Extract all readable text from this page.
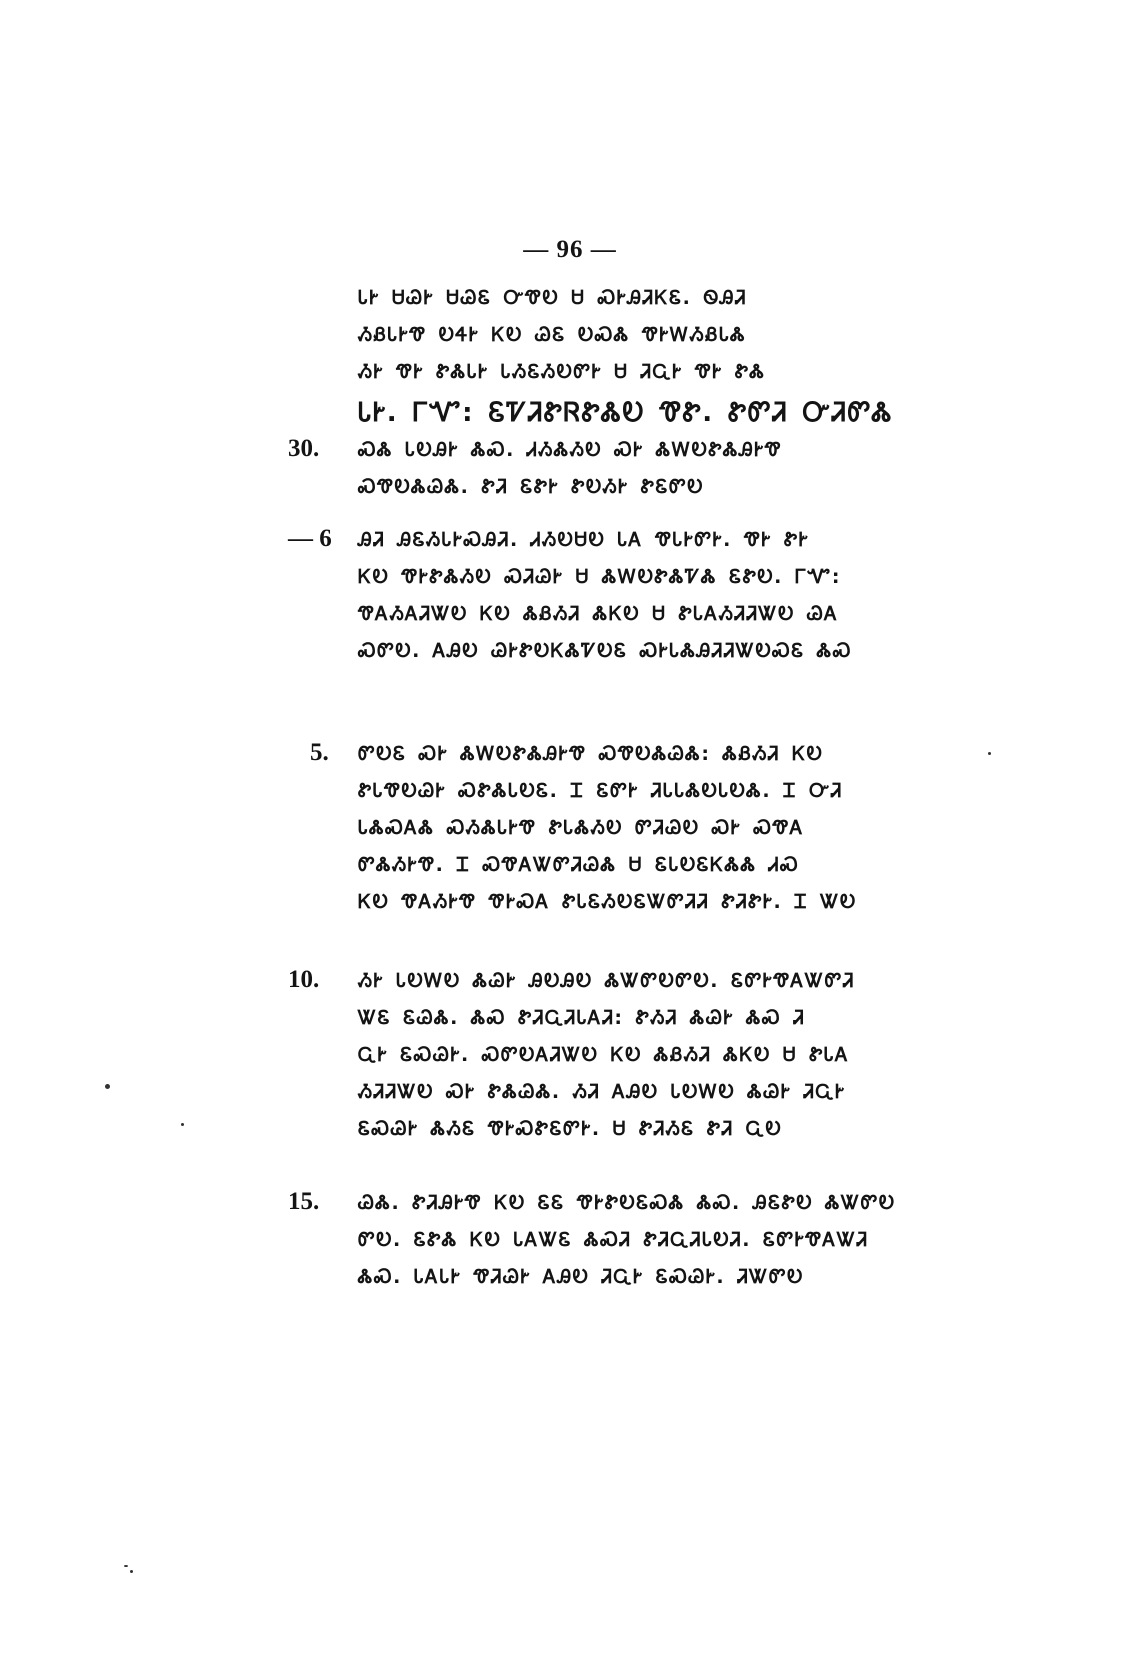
— 96 —
ᏓᎨ ᏌᏊᎨ ᏌᏊᏋ ᏅᏡᎧ Ꮜ ᏍᎨᎯᏘᏦᏋ. ᏫᎯᏘ
ᏱᏰᏓᎨᏡ ᎧᏎᎨ ᏦᎧ ᏊᏋ ᎧᏍᏜ ᏡᎨᎳᏱᏰᏓᏜ
ᏱᎨ ᏡᎨ ᏑᏜᏓᎨ ᏓᏱᏋᏱᎧᏛᎨ Ꮜ ᏘᏩᎨ ᏡᎨ ᏑᏜ
ᏓᎨ. ᎱᏉ: ᏋᏤᏘᏑᏒᏑᏜᎧ ᏡᏑ. ᏑᏛᏘ ᏅᏘᏛᏜ
30.	ᏍᏜ ᏓᎧᎯᎨ ᏜᏍ. ᏗᏱᏜᏱᎧ ᏍᎨ ᏜᎳᎧᏑᏜᎯᎨᏡ
ᏍᏡᎧᏜᏊᏜ. ᏑᏘ ᏋᏑᎨ ᏑᎧᏱᎨ ᏑᏋᏛᎧ
— 6	ᎯᏘ ᎯᏋᏱᏓᎨᏍᎯᏘ. ᏗᏱᎧᏌᎧ ᏓᎪ ᏡᏓᎨᏛᎨ. ᏡᎨ ᏑᎨ
ᏦᎧ ᏡᎨᏑᏜᏱᎧ ᏍᏘᏊᎨ Ꮜ ᏜᎳᎧᏑᏜᏤᏜ ᏋᏑᎧ. ᎱᏉ:
ᏡᎪᏱᎪᏘᏔᎧ ᏦᎧ ᏜᏰᏱᏘ ᏜᏦᎧ Ꮜ ᏑᏓᎪᏱᏘᏘᏔᎧ ᏊᎪ
ᏍᏛᎧ. ᎪᎯᎧ ᏊᎨᏑᎧᏦᏜᏤᎧᏋ ᏍᎨᏓᏜᎯᏘᏘᏔᎧᏍᏋ ᏜᏍ
5.	ᏛᎧᏋ ᏍᎨ ᏜᎳᎧᏑᏜᎯᎨᏡ ᏍᏡᎧᏜᏊᏜ: ᏜᏰᏱᏘ ᏦᎧ
ᏑᏓᏡᎧᏊᎨ ᏍᏑᏜᏓᎧᏋ. Ꮖ ᏋᏛᎨ ᏘᏓᏓᏜᎧᏓᎧᏜ. Ꮖ ᏅᏘ
ᏓᏜᏍᎪᏜ ᏍᏱᏜᏓᎨᏡ ᏑᏓᏜᏱᎧ ᏛᏘᏊᎧ ᏍᎨ ᏍᏡᎪ
ᏛᏜᏱᎨᏡ. Ꮖ ᏍᏡᎪᏔᏛᏘᏊᏜ Ꮜ ᏋᏓᎧᏋᏦᏜᏜ ᏗᏍ
ᏦᎧ ᏡᎪᏱᎨᏡ ᏡᎨᏍᎪ ᏑᏓᏋᏱᎧᏋᏔᏛᏘᏘ ᏑᏘᏑᎨ. Ꮖ ᏔᎧ
10.	ᏱᎨ ᏓᎧᎳᎧ ᏜᏊᎨ ᎯᎧᎯᎧ ᏜᏔᏛᎧᏛᎧ. ᏋᏛᎨᏡᎪᏔᏛᏘ
ᏔᏋ ᏋᏊᏜ. ᏜᏍ ᏑᏘᏩᏘᏓᎪᏘ: ᏑᏱᏘ ᏜᏊᎨ ᏜᏍ Ꮨ
ᏩᎨ ᏋᏍᏊᎨ. ᏍᏛᎧᎪᏘᏔᎧ ᏦᎧ ᏜᏰᏱᏘ ᏜᏦᎧ Ꮜ ᏑᏓᎪ
ᏱᏘᏘᏔᎧ ᏍᎨ ᏑᏜᏊᏜ. ᏱᏘ ᎪᎯᎧ ᏓᎧᎳᎧ ᏜᏊᎨ ᏘᏩᎨ
ᏋᏍᏊᎨ ᏜᏱᏋ ᏡᎨᏍᏑᏋᏛᎨ. Ꮜ ᏑᏘᏱᏋ ᏑᏘ ᏩᎧ
15.	ᏊᏜ. ᏑᏘᎯᎨᏡ ᏦᎧ ᏋᏋ ᏡᎨᏑᎧᏋᏍᏜ ᏜᏍ. ᎯᏋᏑᎧ ᏜᏔᏛᎧ
ᏛᎧ. ᏋᏑᏜ ᏦᎧ ᏓᎪᏔᏋ ᏜᏍᏘ ᏑᏘᏩᏘᏓᎧᏘ. ᏋᏛᎨᏡᎪᏔᏘ
ᏜᏍ. ᏓᎪᏓᎨ ᏡᏘᏊᎨ ᎪᎯᎧ ᏘᏩᎨ ᏋᏍᏊᎨ. ᏘᏔᏛᎧ
